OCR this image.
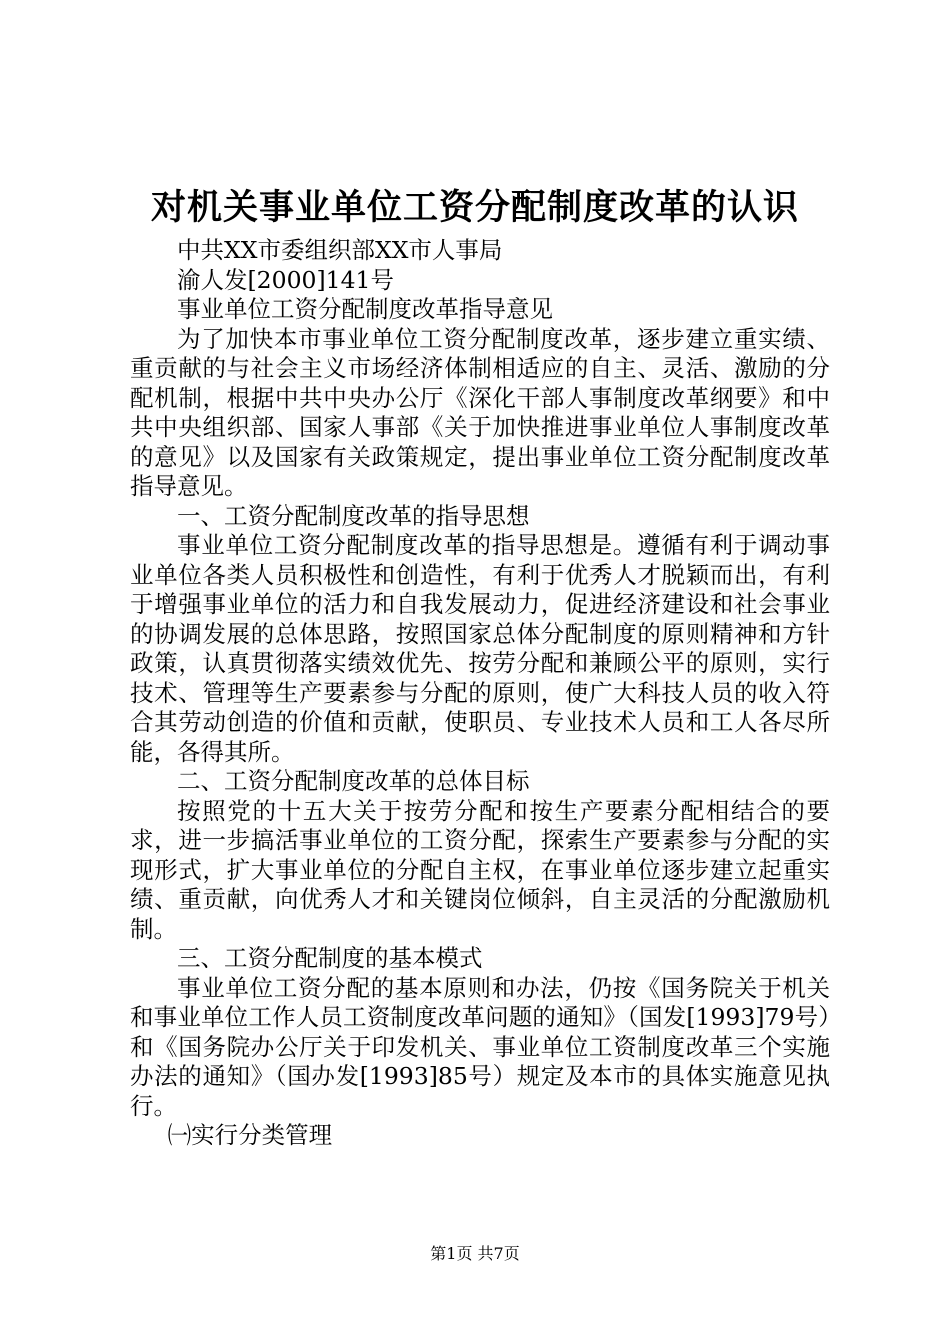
对机关事业单位工资分配制度改革的认识

中共XX市委组织部XX市人事局

渝人发[2000]141号

事业单位工资分配制度改革指导意见

为了加快本市事业单位工资分配制度改革，逐步建立重实绩、重贡献的与社会主义市场经济体制相适应的自主、灵活、激励的分配机制，根据中共中央办公厅《深化干部人事制度改革纲要》和中共中央组织部、国家人事部《关于加快推进事业单位人事制度改革的意见》以及国家有关政策规定，提出事业单位工资分配制度改革指导意见。

一、工资分配制度改革的指导思想

事业单位工资分配制度改革的指导思想是。遵循有利于调动事业单位各类人员积极性和创造性，有利于优秀人才脱颖而出，有利于增强事业单位的活力和自我发展动力，促进经济建设和社会事业的协调发展的总体思路，按照国家总体分配制度的原则精神和方针政策，认真贯彻落实绩效优先、按劳分配和兼顾公平的原则，实行技术、管理等生产要素参与分配的原则，使广大科技人员的收入符合其劳动创造的价值和贡献，使职员、专业技术人员和工人各尽所能，各得其所。

二、工资分配制度改革的总体目标

按照党的十五大关于按劳分配和按生产要素分配相结合的要求，进一步搞活事业单位的工资分配，探索生产要素参与分配的实现形式，扩大事业单位的分配自主权，在事业单位逐步建立起重实绩、重贡献，向优秀人才和关键岗位倾斜，自主灵活的分配激励机制。

三、工资分配制度的基本模式

事业单位工资分配的基本原则和办法，仍按《国务院关于机关和事业单位工作人员工资制度改革问题的通知》（国发[1993]79号）和《国务院办公厅关于印发机关、事业单位工资制度改革三个实施办法的通知》（国办发[1993]85号）规定及本市的具体实施意见执行。

㈠实行分类管理

第1页 共7页
